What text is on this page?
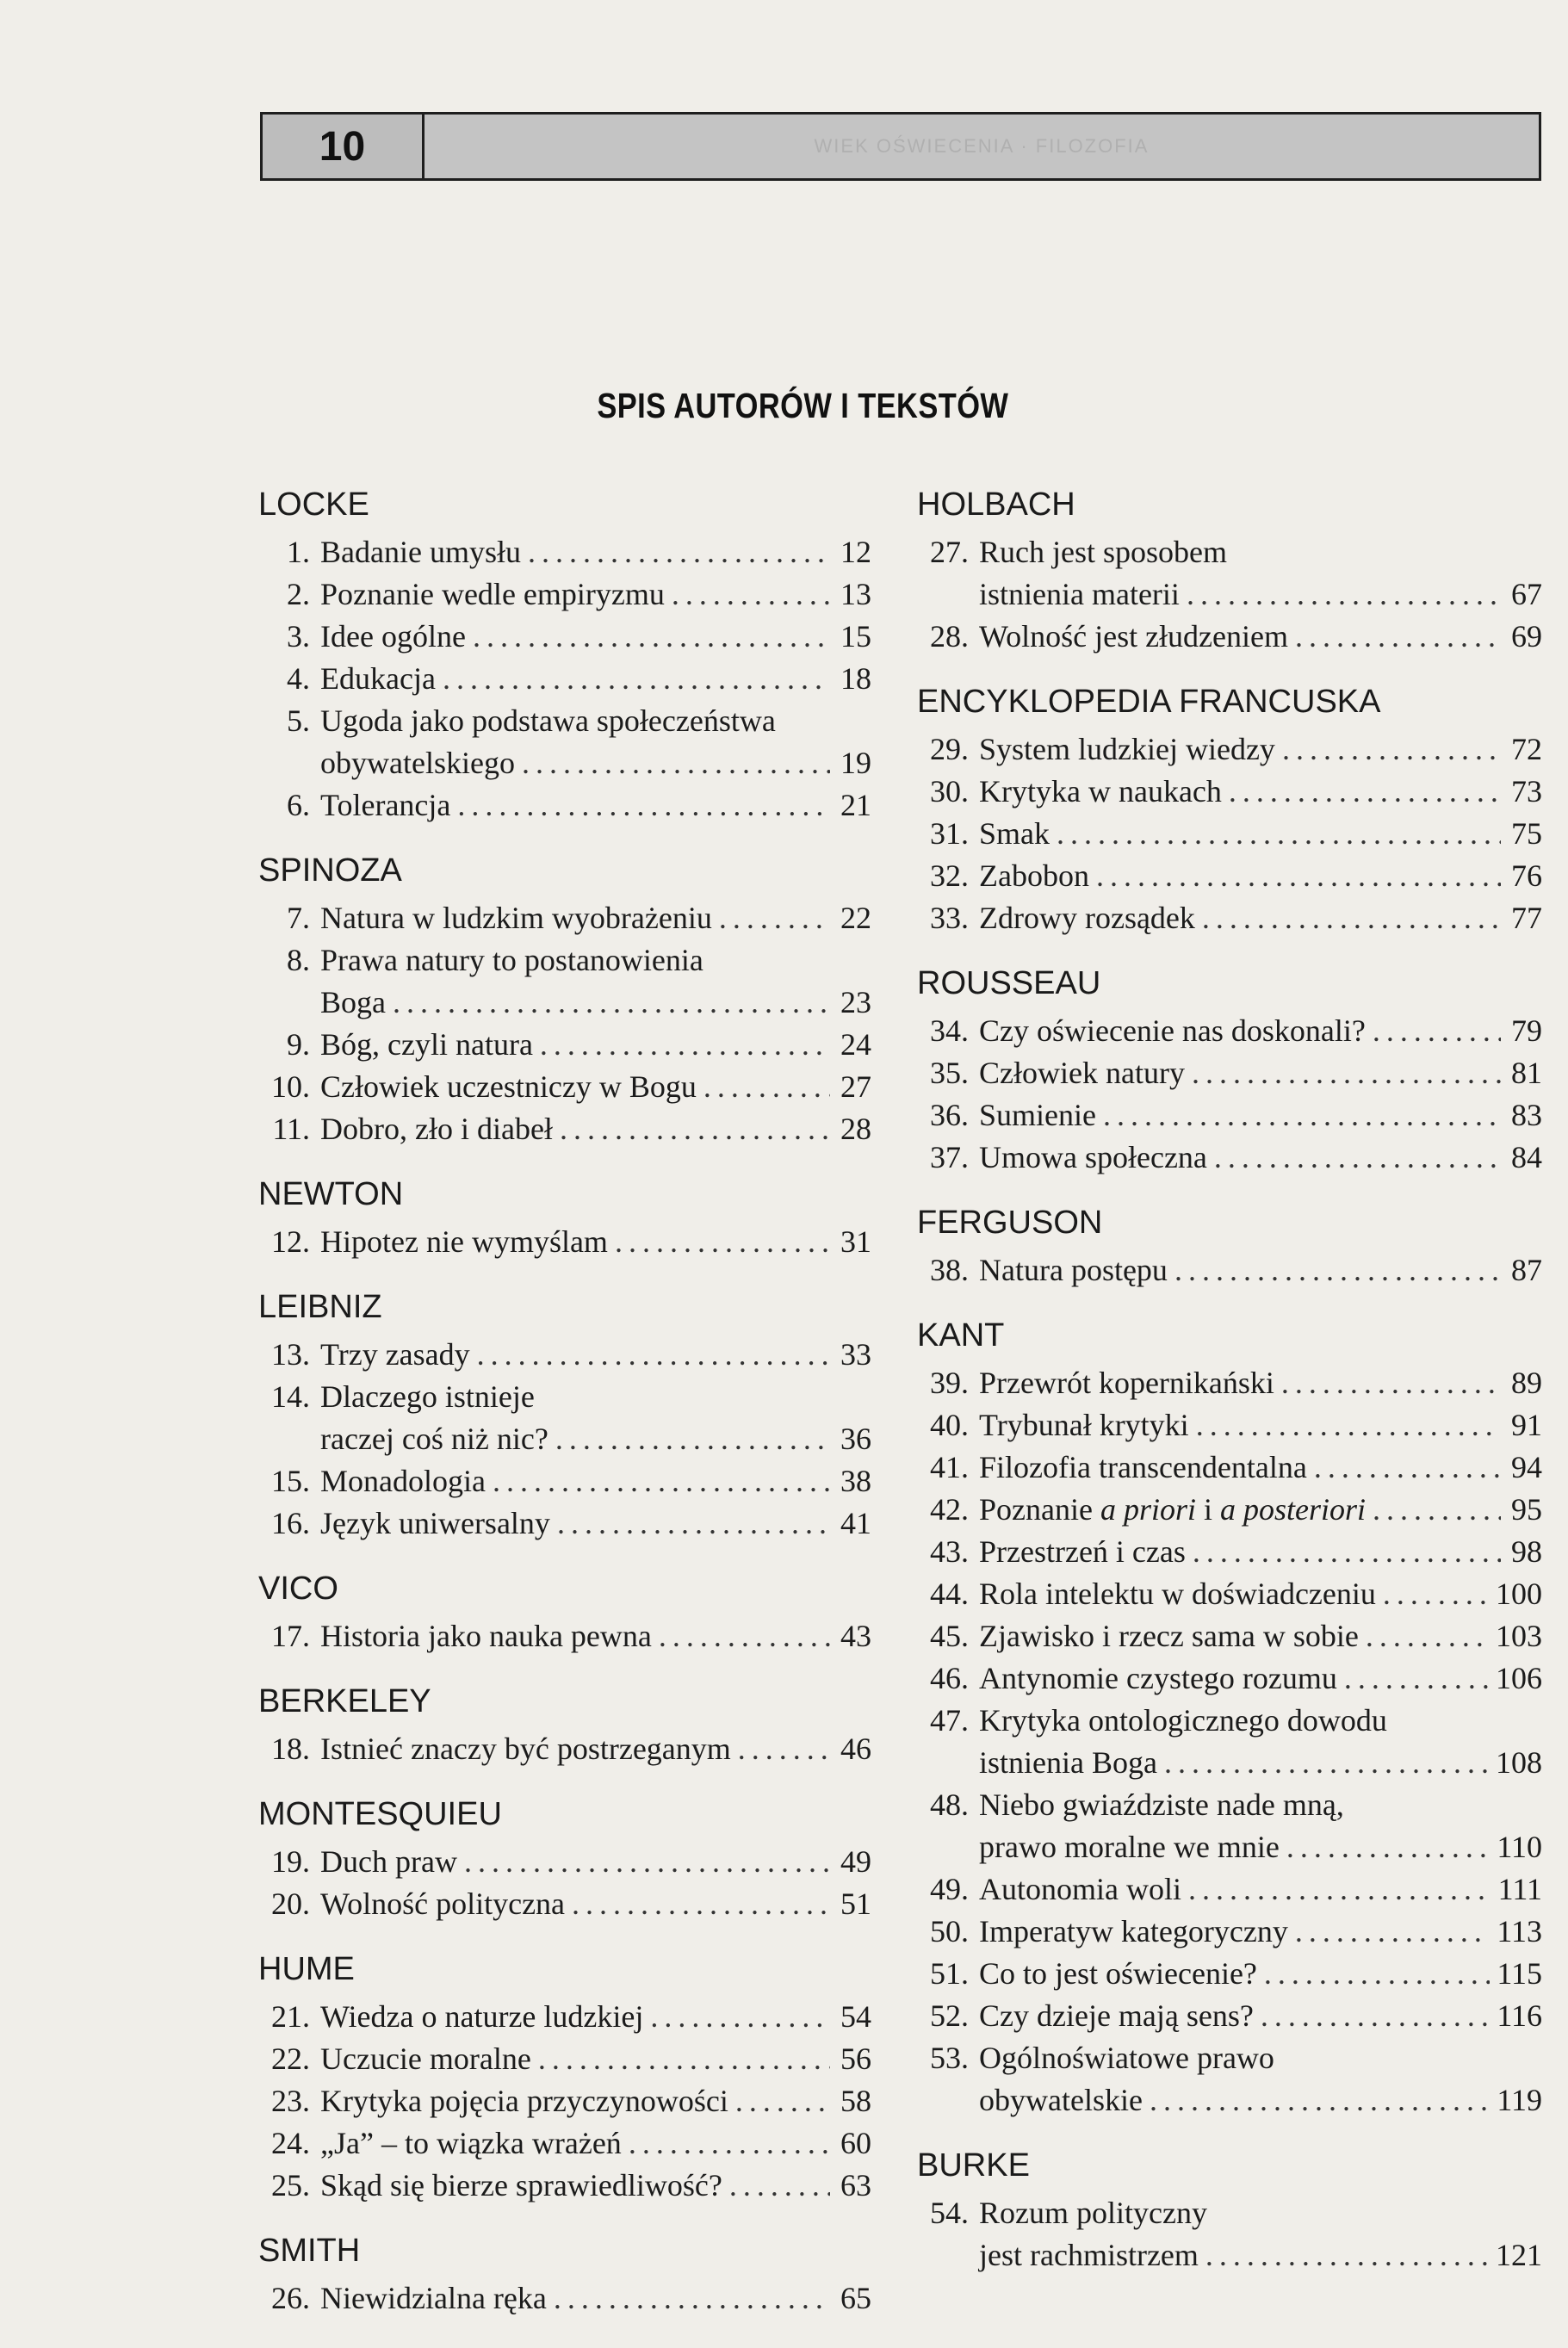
10	WIEK OŚWIECENIA · FILOZOFIA
SPIS AUTORÓW I TEKSTÓW
LOCKE
1. Badanie umysłu . . .	12
2. Poznanie wedle empiryzmu . . .	13
3. Idee ogólne . . .	15
4. Edukacja . . .	18
5. Ugoda jako podstawa społeczeństwa
obywatelskiego . . .	19
6. Tolerancja . . .	21
SPINOZA
7. Natura w ludzkim wyobrażeniu . . .	22
8. Prawa natury to postanowienia
Boga . . .	23
9. Bóg, czyli natura . . .	24
10. Człowiek uczestniczy w Bogu . . .	27
11. Dobro, zło i diabeł . . .	28
NEWTON
12. Hipotez nie wymyślam . . .	31
LEIBNIZ
13. Trzy zasady . . .	33
14. Dlaczego istnieje
raczej coś niż nic? . . .	36
15. Monadologia . . .	38
16. Język uniwersalny . . .	41
VICO
17. Historia jako nauka pewna . . .	43
BERKELEY
18. Istnieć znaczy być postrzeganym . . .	46
MONTESQUIEU
19. Duch praw . . .	49
20. Wolność polityczna . . .	51
HUME
21. Wiedza o naturze ludzkiej . . .	54
22. Uczucie moralne . . .	56
23. Krytyka pojęcia przyczynowości . . .	58
24. „Ja” – to wiązka wrażeń . . .	60
25. Skąd się bierze sprawiedliwość? . . .	63
SMITH
26. Niewidzialna ręka . . .	65
HOLBACH
27. Ruch jest sposobem
istnienia materii . . .	67
28. Wolność jest złudzeniem . . .	69
ENCYKLOPEDIA FRANCUSKA
29. System ludzkiej wiedzy . . .	72
30. Krytyka w naukach . . .	73
31. Smak . . .	75
32. Zabobon . . .	76
33. Zdrowy rozsądek . . .	77
ROUSSEAU
34. Czy oświecenie nas doskonali? . . .	79
35. Człowiek natury . . .	81
36. Sumienie . . .	83
37. Umowa społeczna . . .	84
FERGUSON
38. Natura postępu . . .	87
KANT
39. Przewrót kopernikański . . .	89
40. Trybunał krytyki . . .	91
41. Filozofia transcendentalna . . .	94
42. Poznanie a priori i a posteriori . . .	95
43. Przestrzeń i czas . . .	98
44. Rola intelektu w doświadczeniu . . .	100
45. Zjawisko i rzecz sama w sobie . . .	103
46. Antynomie czystego rozumu . . .	106
47. Krytyka ontologicznego dowodu
istnienia Boga . . .	108
48. Niebo gwiaździste nade mną,
prawo moralne we mnie . . .	110
49. Autonomia woli . . .	111
50. Imperatyw kategoryczny . . .	113
51. Co to jest oświecenie? . . .	115
52. Czy dzieje mają sens? . . .	116
53. Ogólnoświatowe prawo
obywatelskie . . .	119
BURKE
54. Rozum polityczny
jest rachmistrzem . . .	121
